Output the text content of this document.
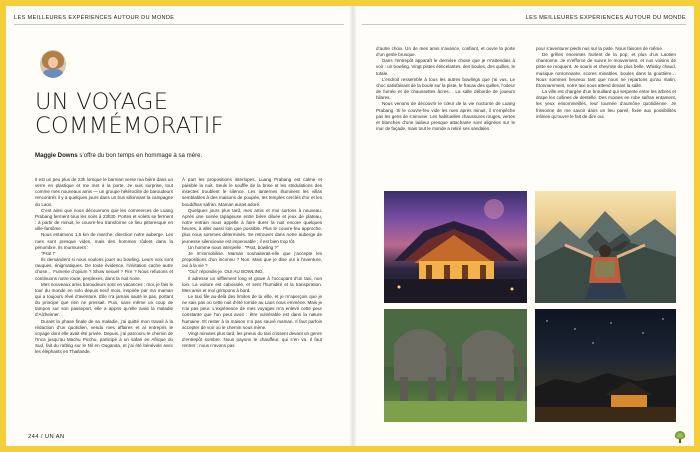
LES MEILLEURES EXPÉRIENCES AUTOUR DU MONDE	LES MEILLEURES EXPÉRIENCES AUTOUR DU MONDE
UN VOYAGE
COMMÉMORATIF

Maggie Downs s’offre du bon temps en hommage à sa mère.

Il est un peu plus de 23h lorsque le barman verse ma bière dans un verre en plastique et me met à la porte. Je suis surprise, tout comme mes nouveaux amis — un groupe hétéroclite de baroudeurs rencontrés il y a quelques jours dans un bus sillonnant la campagne du Laos.

C’est ainsi que nous découvrons que les commerces de Luang Prabang ferment tous les soirs à 23h30. Portes et volets se ferment : à partir de minuit, le couvre-feu transforme ce lieu pittoresque en ville-fantôme.

Nous entamons 1,6 km de marche, direction notre auberge. Les rues sont presque vides, mais des hommes rôdent dans la pénombre. Ils murmurent :

“Psst !”

Ils demandent si nous voulons jouer au bowling. Leurs voix sont rauques, énigmatiques. De toute évidence, l’invitation cache autre chose… Fumerie d’opium ? Show sexuel ? Fire ? Nous refusons et continuons notre route, perplexes, dans la nuit noire.

Mes nouveaux amis baroudeurs sont en vacances ; moi, je fais le tour du monde en solo depuis neuf mois, inspirée par ma maman qui a toujours rêvé d’aventure. Elle n’a jamais sauté le pas, portant du principe que rien ne pressait. Puis, sans même un coup de tampon sur son passeport, elle a appris qu’elle avait la maladie d’Alzheimer.

Durant la phase finale de sa maladie, j’ai quitté mon travail à la rédaction d’un quotidien, vendu mes affaires et ai entrepris le voyage dont elle avait été privée. Depuis, j’ai parcouru le chemin de l’Inca jusqu’au Machu Picchu, participé à un safari en Afrique du Sud, fait du rafting sur le Nil en Ouganda, et j’ai été bénévole avec les éléphants en Thaïlande.

À part les propositions interlopes, Luang Prabang est calme et paisible la nuit. Seuls le souffle de la brise et les stridulations des insectes troublent le silence. Les lanternes illuminent les villas semblables à des maisons de poupée, les temples cerclés d’or et les bouddhas safran. Maman aurait adoré.

Quelques jours plus tard, mes amis et moi sortons à nouveau. Après une soirée tapageuse entre bière diluée et jeux de plateau, notre entrain nous appelle à faire durer la nuit encore quelques heures, à aller aussi loin que possible. Plus le couvre-feu approche, plus nous sommes déterminés. Se retrouver dans notre auberge de jeunesse silencieuse est impensable ; il est bien trop tôt.

Un homme nous interpelle : “Psst, bowling ?”

Je m’immobilise. Maman souhaiterait-elle que j’accepte les propositions d’un inconnu ? Non. Mais que je dise oui à l’aventure, oui à la vie ?

“Oui” répondis-je. OUI AU BOWLING.

Il adresse un sifflement long et grave à l’occupant d’un taxi, non loin. La voiture est cabossée, et sent l’humidité et la transpiration. Mes amis et moi grimpons à bord.

Le taxi file au-delà des limites de la ville, et je m’aperçois que je ne sais pas où cette nuit d’été torride au Laos nous emmène. Mais je n’ai pas peur. L’expérience de mes voyages m’a enlevé cette peur constante que l’on peut avoir : être vulnérable est dans la nature humaine. Et rester à la maison n’a pas sauvé maman. Il faut parfois accepter de voir où le chemin nous mène.

Vingt minutes plus tard, les pneus du taxi crissent devant un genre d’entrepôt sombre. Nous payons le chauffeur, qui s’en va. Il faut rentrer ; nous n’avons pas

d’autre choix. Un de mes amis s’avance, confiant, et ouvre la porte d’un geste brusque.

Dans l’entrepôt apparaît le dernière chose que je m’attendais à voir : un bowling. Vingt pistes étincelantes, des boules, des quilles, le totale.

L’endroit ressemble à tous les autres bowlings que j’ai vus. Le choc satisfaisant de la boule sur la piste, le fracas des quilles, l’odeur de fumée et de chaussettes âcres… La salle déborde de joueurs hilares.

Nous venons de découvrir le cœur de la vie nocturne de Luang Prabang. Si le couvre-feu vide les rues après minuit, il n’empêche pas les gens de s’amuser. Les habituelles chaussures rouges, vertes et blanches d’une laideur presque attachante sont alignées sur le mur de façade, mais tout le monde a retiré ses sandales

pour s’aventurer pieds nus sur la piste. Nous faisons de même.

De grêles enceintes hurlent de la pop, et plus d’un Laotien chantonne. Je m’efforce de suivre le mouvement, et nos voisins de piste se moquent. Je souris et chevrote de plus belle. Whisky chaud, musique ronronnante, scores minables, boules dans la gouttière… Nous sommes heureux tant que nous ne repartons qu’au matin. Étonnamment, notre taxi nous attend devant la salle.

La ville est chargée d’un brouillard qui serpente entre les arbres et drape les collines de dentelle. Des moines en robe safran entament, les yeux ensommeillés, leur tournée d’aumône quotidienne. Je frissonne de me savoir dans un lieu pareil, fixée aux possibilités infinies qu’ouvre le fait de dire oui.

244 / UN AN
